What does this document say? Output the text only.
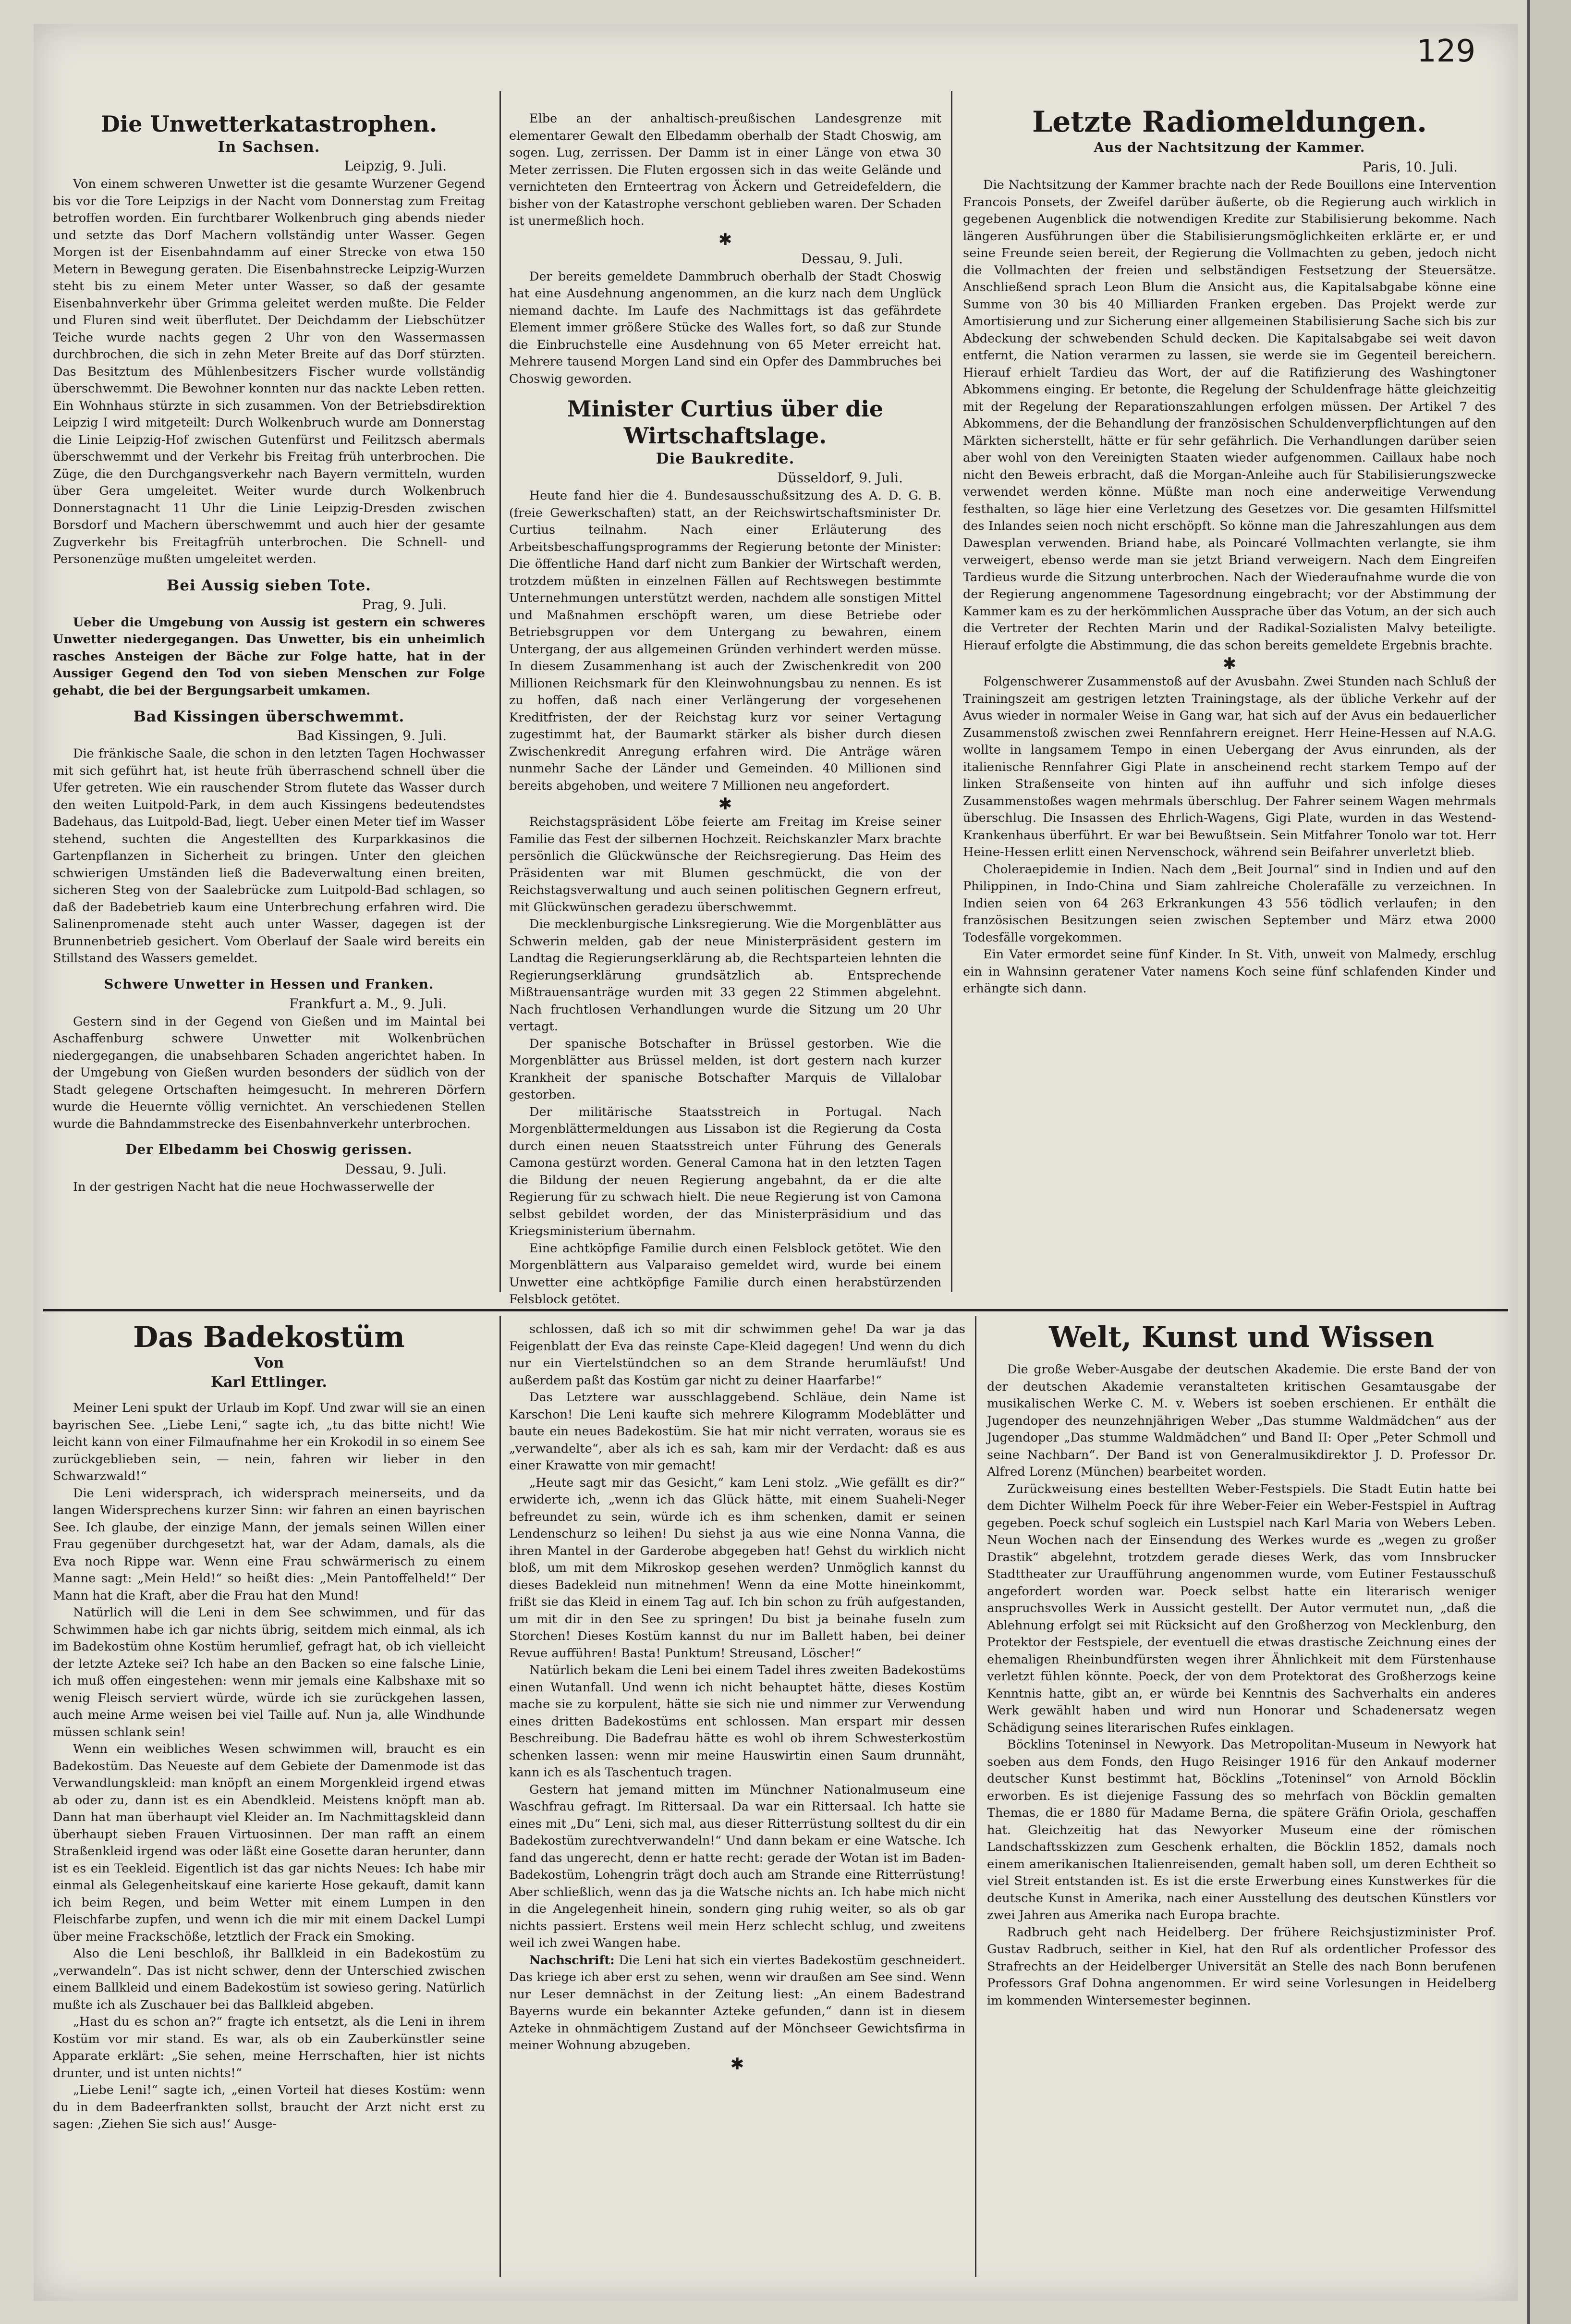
129
Die Unwetterkatastrophen.
In Sachsen.
Leipzig, 9. Juli.
Von einem schweren Unwetter ist die gesamte Wurzener Gegend bis vor die Tore Leipzigs in der Nacht vom Donnerstag zum Freitag betroffen worden. Ein furchtbarer Wolkenbruch ging abends nieder und setzte das Dorf Machern vollständig unter Wasser. Gegen Morgen ist der Eisenbahndamm auf einer Strecke von etwa 150 Metern in Bewegung geraten. Die Eisenbahnstrecke Leipzig-Wurzen steht bis zu einem Meter unter Wasser, so daß der gesamte Eisenbahnverkehr über Grimma geleitet werden mußte. Die Felder und Fluren sind weit überflutet. Der Deichdamm der Liebschützer Teiche wurde nachts gegen 2 Uhr von den Wassermassen durchbrochen, die sich in zehn Meter Breite auf das Dorf stürzten. Das Besitztum des Mühlenbesitzers Fischer wurde vollständig überschwemmt. Die Bewohner konnten nur das nackte Leben retten. Ein Wohnhaus stürzte in sich zusammen. Von der Betriebsdirektion Leipzig I wird mitgeteilt: Durch Wolkenbruch wurde am Donnerstag die Linie Leipzig-Hof zwischen Gutenfürst und Feilitzsch abermals überschwemmt und der Verkehr bis Freitag früh unterbrochen. Die Züge, die den Durchgangsverkehr nach Bayern vermitteln, wurden über Gera umgeleitet. Weiter wurde durch Wolkenbruch Donnerstagnacht 11 Uhr die Linie Leipzig-Dresden zwischen Borsdorf und Machern überschwemmt und auch hier der gesamte Zugverkehr bis Freitagfrüh unterbrochen. Die Schnell- und Personenzüge mußten umgeleitet werden.
Bei Aussig sieben Tote.
Prag, 9. Juli.
Ueber die Umgebung von Aussig ist gestern ein schweres Unwetter niedergegangen. Das Unwetter, bis ein unheimlich rasches Ansteigen der Bäche zur Folge hatte, hat in der Aussiger Gegend den Tod von sieben Menschen zur Folge gehabt, die bei der Bergungsarbeit umkamen.
Bad Kissingen überschwemmt.
Bad Kissingen, 9. Juli.
Die fränkische Saale, die schon in den letzten Tagen Hochwasser mit sich geführt hat, ist heute früh überraschend schnell über die Ufer getreten. Wie ein rauschender Strom flutete das Wasser durch den weiten Luitpold-Park, in dem auch Kissingens bedeutendstes Badehaus, das Luitpold-Bad, liegt. Ueber einen Meter tief im Wasser stehend, suchten die Angestellten des Kurparkkasinos die Gartenpflanzen in Sicherheit zu bringen. Unter den gleichen schwierigen Umständen ließ die Badeverwaltung einen breiten, sicheren Steg von der Saalebrücke zum Luitpold-Bad schlagen, so daß der Badebetrieb kaum eine Unterbrechung erfahren wird. Die Salinenpromenade steht auch unter Wasser, dagegen ist der Brunnenbetrieb gesichert. Vom Oberlauf der Saale wird bereits ein Stillstand des Wassers gemeldet.
Schwere Unwetter in Hessen und Franken.
Frankfurt a. M., 9. Juli.
Gestern sind in der Gegend von Gießen und im Maintal bei Aschaffenburg schwere Unwetter mit Wolkenbrüchen niedergegangen, die unabsehbaren Schaden angerichtet haben. In der Umgebung von Gießen wurden besonders der südlich von der Stadt gelegene Ortschaften heimgesucht. In mehreren Dörfern wurde die Heuernte völlig vernichtet. An verschiedenen Stellen wurde die Bahndammstrecke des Eisenbahnverkehr unterbrochen.
Der Elbedamm bei Choswig gerissen.
Dessau, 9. Juli.
In der gestrigen Nacht hat die neue Hochwasserwelle der
Elbe an der anhaltisch-preußischen Landesgrenze mit elementarer Gewalt den Elbedamm oberhalb der Stadt Choswig, am sogen. Lug, zerrissen. Der Damm ist in einer Länge von etwa 30 Meter zerrissen. Die Fluten ergossen sich in das weite Gelände und vernichteten den Ernteertrag von Äckern und Getreidefeldern, die bisher von der Katastrophe verschont geblieben waren. Der Schaden ist unermeßlich hoch.
✱
Dessau, 9. Juli.
Der bereits gemeldete Dammbruch oberhalb der Stadt Choswig hat eine Ausdehnung angenommen, an die kurz nach dem Unglück niemand dachte. Im Laufe des Nachmittags ist das gefährdete Element immer größere Stücke des Walles fort, so daß zur Stunde die Einbruchstelle eine Ausdehnung von 65 Meter erreicht hat. Mehrere tausend Morgen Land sind ein Opfer des Dammbruches bei Choswig geworden.
Minister Curtius über die Wirtschaftslage.
Die Baukredite.
Düsseldorf, 9. Juli.
Heute fand hier die 4. Bundesausschußsitzung des A. D. G. B. (freie Gewerkschaften) statt, an der Reichswirtschaftsminister Dr. Curtius teilnahm. Nach einer Erläuterung des Arbeitsbeschaffungsprogramms der Regierung betonte der Minister: Die öffentliche Hand darf nicht zum Bankier der Wirtschaft werden, trotzdem müßten in einzelnen Fällen auf Rechtswegen bestimmte Unternehmungen unterstützt werden, nachdem alle sonstigen Mittel und Maßnahmen erschöpft waren, um diese Betriebe oder Betriebsgruppen vor dem Untergang zu bewahren, einem Untergang, der aus allgemeinen Gründen verhindert werden müsse. In diesem Zusammenhang ist auch der Zwischenkredit von 200 Millionen Reichsmark für den Kleinwohnungsbau zu nennen. Es ist zu hoffen, daß nach einer Verlängerung der vorgesehenen Kreditfristen, der der Reichstag kurz vor seiner Vertagung zugestimmt hat, der Baumarkt stärker als bisher durch diesen Zwischenkredit Anregung erfahren wird. Die Anträge wären nunmehr Sache der Länder und Gemeinden. 40 Millionen sind bereits abgehoben, und weitere 7 Millionen neu angefordert.
✱
Reichstagspräsident Löbe feierte am Freitag im Kreise seiner Familie das Fest der silbernen Hochzeit. Reichskanzler Marx brachte persönlich die Glückwünsche der Reichsregierung. Das Heim des Präsidenten war mit Blumen geschmückt, die von der Reichstagsverwaltung und auch seinen politischen Gegnern erfreut, mit Glückwünschen geradezu überschwemmt.
Die mecklenburgische Linksregierung. Wie die Morgenblätter aus Schwerin melden, gab der neue Ministerpräsident gestern im Landtag die Regierungserklärung ab, die Rechtsparteien lehnten die Regierungserklärung grundsätzlich ab. Entsprechende Mißtrauensanträge wurden mit 33 gegen 22 Stimmen abgelehnt. Nach fruchtlosen Verhandlungen wurde die Sitzung um 20 Uhr vertagt.
Der spanische Botschafter in Brüssel gestorben. Wie die Morgenblätter aus Brüssel melden, ist dort gestern nach kurzer Krankheit der spanische Botschafter Marquis de Villalobar gestorben.
Der militärische Staatsstreich in Portugal. Nach Morgenblättermeldungen aus Lissabon ist die Regierung da Costa durch einen neuen Staatsstreich unter Führung des Generals Camona gestürzt worden. General Camona hat in den letzten Tagen die Bildung der neuen Regierung angebahnt, da er die alte Regierung für zu schwach hielt. Die neue Regierung ist von Camona selbst gebildet worden, der das Ministerpräsidium und das Kriegsministerium übernahm.
Eine achtköpfige Familie durch einen Felsblock getötet. Wie den Morgenblättern aus Valparaiso gemeldet wird, wurde bei einem Unwetter eine achtköpfige Familie durch einen herabstürzenden Felsblock getötet.
Letzte Radiomeldungen.
Aus der Nachtsitzung der Kammer.
Paris, 10. Juli.
Die Nachtsitzung der Kammer brachte nach der Rede Bouillons eine Intervention Francois Ponsets, der Zweifel darüber äußerte, ob die Regierung auch wirklich in gegebenen Augenblick die notwendigen Kredite zur Stabilisierung bekomme. Nach längeren Ausführungen über die Stabilisierungsmöglichkeiten erklärte er, er und seine Freunde seien bereit, der Regierung die Vollmachten zu geben, jedoch nicht die Vollmachten der freien und selbständigen Festsetzung der Steuersätze. Anschließend sprach Leon Blum die Ansicht aus, die Kapitalsabgabe könne eine Summe von 30 bis 40 Milliarden Franken ergeben. Das Projekt werde zur Amortisierung und zur Sicherung einer allgemeinen Stabilisierung Sache sich bis zur Abdeckung der schwebenden Schuld decken. Die Kapitalsabgabe sei weit davon entfernt, die Nation verarmen zu lassen, sie werde sie im Gegenteil bereichern. Hierauf erhielt Tardieu das Wort, der auf die Ratifizierung des Washingtoner Abkommens einging. Er betonte, die Regelung der Schuldenfrage hätte gleichzeitig mit der Regelung der Reparationszahlungen erfolgen müssen. Der Artikel 7 des Abkommens, der die Behandlung der französischen Schuldenverpflichtungen auf den Märkten sicherstellt, hätte er für sehr gefährlich. Die Verhandlungen darüber seien aber wohl von den Vereinigten Staaten wieder aufgenommen. Caillaux habe noch nicht den Beweis erbracht, daß die Morgan-Anleihe auch für Stabilisierungszwecke verwendet werden könne. Müßte man noch eine anderweitige Verwendung festhalten, so läge hier eine Verletzung des Gesetzes vor. Die gesamten Hilfsmittel des Inlandes seien noch nicht erschöpft. So könne man die Jahreszahlungen aus dem Dawesplan verwenden. Briand habe, als Poincaré Vollmachten verlangte, sie ihm verweigert, ebenso werde man sie jetzt Briand verweigern. Nach dem Eingreifen Tardieus wurde die Sitzung unterbrochen. Nach der Wiederaufnahme wurde die von der Regierung angenommene Tagesordnung eingebracht; vor der Abstimmung der Kammer kam es zu der herkömmlichen Aussprache über das Votum, an der sich auch die Vertreter der Rechten Marin und der Radikal-Sozialisten Malvy beteiligte. Hierauf erfolgte die Abstimmung, die das schon bereits gemeldete Ergebnis brachte.
✱
Folgenschwerer Zusammenstoß auf der Avusbahn. Zwei Stunden nach Schluß der Trainingszeit am gestrigen letzten Trainingstage, als der übliche Verkehr auf der Avus wieder in normaler Weise in Gang war, hat sich auf der Avus ein bedauerlicher Zusammenstoß zwischen zwei Rennfahrern ereignet. Herr Heine-Hessen auf N.A.G. wollte in langsamem Tempo in einen Uebergang der Avus einrunden, als der italienische Rennfahrer Gigi Plate in anscheinend recht starkem Tempo auf der linken Straßenseite von hinten auf ihn auffuhr und sich infolge dieses Zusammenstoßes wagen mehrmals überschlug. Der Fahrer seinem Wagen mehrmals überschlug. Die Insassen des Ehrlich-Wagens, Gigi Plate, wurden in das Westend-Krankenhaus überführt. Er war bei Bewußtsein. Sein Mitfahrer Tonolo war tot. Herr Heine-Hessen erlitt einen Nervenschock, während sein Beifahrer unverletzt blieb.
Choleraepidemie in Indien. Nach dem „Beit Journal“ sind in Indien und auf den Philippinen, in Indo-China und Siam zahlreiche Cholerafälle zu verzeichnen. In Indien seien von 64 263 Erkrankungen 43 556 tödlich verlaufen; in den französischen Besitzungen seien zwischen September und März etwa 2000 Todesfälle vorgekommen.
Ein Vater ermordet seine fünf Kinder. In St. Vith, unweit von Malmedy, erschlug ein in Wahnsinn geratener Vater namens Koch seine fünf schlafenden Kinder und erhängte sich dann.
Das Badekostüm
Von
Karl Ettlinger.
Meiner Leni spukt der Urlaub im Kopf. Und zwar will sie an einen bayrischen See. „Liebe Leni,“ sagte ich, „tu das bitte nicht! Wie leicht kann von einer Filmaufnahme her ein Krokodil in so einem See zurückgeblieben sein, — nein, fahren wir lieber in den Schwarzwald!“
Die Leni widersprach, ich widersprach meinerseits, und da langen Widersprechens kurzer Sinn: wir fahren an einen bayrischen See. Ich glaube, der einzige Mann, der jemals seinen Willen einer Frau gegenüber durchgesetzt hat, war der Adam, damals, als die Eva noch Rippe war. Wenn eine Frau schwärmerisch zu einem Manne sagt: „Mein Held!“ so heißt dies: „Mein Pantoffelheld!“ Der Mann hat die Kraft, aber die Frau hat den Mund!
Natürlich will die Leni in dem See schwimmen, und für das Schwimmen habe ich gar nichts übrig, seitdem mich einmal, als ich im Badekostüm ohne Kostüm herumlief, gefragt hat, ob ich vielleicht der letzte Azteke sei? Ich habe an den Backen so eine falsche Linie, ich muß offen eingestehen: wenn mir jemals eine Kalbshaxe mit so wenig Fleisch serviert würde, würde ich sie zurückgehen lassen, auch meine Arme weisen bei viel Taille auf. Nun ja, alle Windhunde müssen schlank sein!
Wenn ein weibliches Wesen schwimmen will, braucht es ein Badekostüm. Das Neueste auf dem Gebiete der Damenmode ist das Verwandlungskleid: man knöpft an einem Morgenkleid irgend etwas ab oder zu, dann ist es ein Abendkleid. Meistens knöpft man ab. Dann hat man überhaupt viel Kleider an. Im Nachmittagskleid dann überhaupt sieben Frauen Virtuosinnen. Der man rafft an einem Straßenkleid irgend was oder läßt eine Gosette daran herunter, dann ist es ein Teekleid. Eigentlich ist das gar nichts Neues: Ich habe mir einmal als Gelegenheitskauf eine karierte Hose gekauft, damit kann ich beim Regen, und beim Wetter mit einem Lumpen in den Fleischfarbe zupfen, und wenn ich die mir mit einem Dackel Lumpi über meine Frackschöße, letztlich der Frack ein Smoking.
Also die Leni beschloß, ihr Ballkleid in ein Badekostüm zu „verwandeln“. Das ist nicht schwer, denn der Unterschied zwischen einem Ballkleid und einem Badekostüm ist sowieso gering. Natürlich mußte ich als Zuschauer bei das Ballkleid abgeben.
„Hast du es schon an?“ fragte ich entsetzt, als die Leni in ihrem Kostüm vor mir stand. Es war, als ob ein Zauberkünstler seine Apparate erklärt: „Sie sehen, meine Herrschaften, hier ist nichts drunter, und ist unten nichts!“
„Liebe Leni!“ sagte ich, „einen Vorteil hat dieses Kostüm: wenn du in dem Badeerfrankten sollst, braucht der Arzt nicht erst zu sagen: ‚Ziehen Sie sich aus!‘ Ausge-
schlossen, daß ich so mit dir schwimmen gehe! Da war ja das Feigenblatt der Eva das reinste Cape-Kleid dagegen! Und wenn du dich nur ein Viertelstündchen so an dem Strande herumläufst! Und außerdem paßt das Kostüm gar nicht zu deiner Haarfarbe!“
Das Letztere war ausschlaggebend. Schläue, dein Name ist Karschon! Die Leni kaufte sich mehrere Kilogramm Modeblätter und baute ein neues Badekostüm. Sie hat mir nicht verraten, woraus sie es „verwandelte“, aber als ich es sah, kam mir der Verdacht: daß es aus einer Krawatte von mir gemacht!
„Heute sagt mir das Gesicht,“ kam Leni stolz. „Wie gefällt es dir?“ erwiderte ich, „wenn ich das Glück hätte, mit einem Suaheli-Neger befreundet zu sein, würde ich es ihm schenken, damit er seinen Lendenschurz so leihen! Du siehst ja aus wie eine Nonna Vanna, die ihren Mantel in der Garderobe abgegeben hat! Gehst du wirklich nicht bloß, um mit dem Mikroskop gesehen werden? Unmöglich kannst du dieses Badekleid nun mitnehmen! Wenn da eine Motte hineinkommt, frißt sie das Kleid in einem Tag auf. Ich bin schon zu früh aufgestanden, um mit dir in den See zu springen! Du bist ja beinahe fuseln zum Storchen! Dieses Kostüm kannst du nur im Ballett haben, bei deiner Revue aufführen! Basta! Punktum! Streusand, Löscher!“
Natürlich bekam die Leni bei einem Tadel ihres zweiten Badekostüms einen Wutanfall. Und wenn ich nicht behauptet hätte, dieses Kostüm mache sie zu korpulent, hätte sie sich nie und nimmer zur Verwendung eines dritten Badekostüms ent schlossen. Man erspart mir dessen Beschreibung. Die Badefrau hätte es wohl ob ihrem Schwesterkostüm schenken lassen: wenn mir meine Hauswirtin einen Saum drunnäht, kann ich es als Taschentuch tragen.
Gestern hat jemand mitten im Münchner Nationalmuseum eine Waschfrau gefragt. Im Rittersaal. Da war ein Rittersaal. Ich hatte sie eines mit „Du“ Leni, sich mal, aus dieser Ritterrüstung solltest du dir ein Badekostüm zurechtverwandeln!“ Und dann bekam er eine Watsche. Ich fand das ungerecht, denn er hatte recht: gerade der Wotan ist im Baden-Badekostüm, Lohengrin trägt doch auch am Strande eine Ritterrüstung! Aber schließlich, wenn das ja die Watsche nichts an. Ich habe mich nicht in die Angelegenheit hinein, sondern ging ruhig weiter, so als ob gar nichts passiert. Erstens weil mein Herz schlecht schlug, und zweitens weil ich zwei Wangen habe.
Nachschrift: Die Leni hat sich ein viertes Badekostüm geschneidert. Das kriege ich aber erst zu sehen, wenn wir draußen am See sind. Wenn nur Leser demnächst in der Zeitung liest: „An einem Badestrand Bayerns wurde ein bekannter Azteke gefunden,“ dann ist in diesem Azteke in ohnmächtigem Zustand auf der Mönchseer Gewichtsfirma in meiner Wohnung abzugeben.
✱
Welt, Kunst und Wissen
Die große Weber-Ausgabe der deutschen Akademie. Die erste Band der von der deutschen Akademie veranstalteten kritischen Gesamtausgabe der musikalischen Werke C. M. v. Webers ist soeben erschienen. Er enthält die Jugendoper des neunzehnjährigen Weber „Das stumme Waldmädchen“ aus der Jugendoper „Das stumme Waldmädchen“ und Band II: Oper „Peter Schmoll und seine Nachbarn“. Der Band ist von Generalmusikdirektor J. D. Professor Dr. Alfred Lorenz (München) bearbeitet worden.
Zurückweisung eines bestellten Weber-Festspiels. Die Stadt Eutin hatte bei dem Dichter Wilhelm Poeck für ihre Weber-Feier ein Weber-Festspiel in Auftrag gegeben. Poeck schuf sogleich ein Lustspiel nach Karl Maria von Webers Leben. Neun Wochen nach der Einsendung des Werkes wurde es „wegen zu großer Drastik“ abgelehnt, trotzdem gerade dieses Werk, das vom Innsbrucker Stadttheater zur Uraufführung angenommen wurde, vom Eutiner Festausschuß angefordert worden war. Poeck selbst hatte ein literarisch weniger anspruchsvolles Werk in Aussicht gestellt. Der Autor vermutet nun, „daß die Ablehnung erfolgt sei mit Rücksicht auf den Großherzog von Mecklenburg, den Protektor der Festspiele, der eventuell die etwas drastische Zeichnung eines der ehemaligen Rheinbundfürsten wegen ihrer Ähnlichkeit mit dem Fürstenhause verletzt fühlen könnte. Poeck, der von dem Protektorat des Großherzogs keine Kenntnis hatte, gibt an, er würde bei Kenntnis des Sachverhalts ein anderes Werk gewählt haben und wird nun Honorar und Schadenersatz wegen Schädigung seines literarischen Rufes einklagen.
Böcklins Toteninsel in Newyork. Das Metropolitan-Museum in Newyork hat soeben aus dem Fonds, den Hugo Reisinger 1916 für den Ankauf moderner deutscher Kunst bestimmt hat, Böcklins „Toteninsel“ von Arnold Böcklin erworben. Es ist diejenige Fassung des so mehrfach von Böcklin gemalten Themas, die er 1880 für Madame Berna, die spätere Gräfin Oriola, geschaffen hat. Gleichzeitig hat das Newyorker Museum eine der römischen Landschaftsskizzen zum Geschenk erhalten, die Böcklin 1852, damals noch einem amerikanischen Italienreisenden, gemalt haben soll, um deren Echtheit so viel Streit entstanden ist. Es ist die erste Erwerbung eines Kunstwerkes für die deutsche Kunst in Amerika, nach einer Ausstellung des deutschen Künstlers vor zwei Jahren aus Amerika nach Europa brachte.
Radbruch geht nach Heidelberg. Der frühere Reichsjustizminister Prof. Gustav Radbruch, seither in Kiel, hat den Ruf als ordentlicher Professor des Strafrechts an der Heidelberger Universität an Stelle des nach Bonn berufenen Professors Graf Dohna angenommen. Er wird seine Vorlesungen in Heidelberg im kommenden Wintersemester beginnen.
